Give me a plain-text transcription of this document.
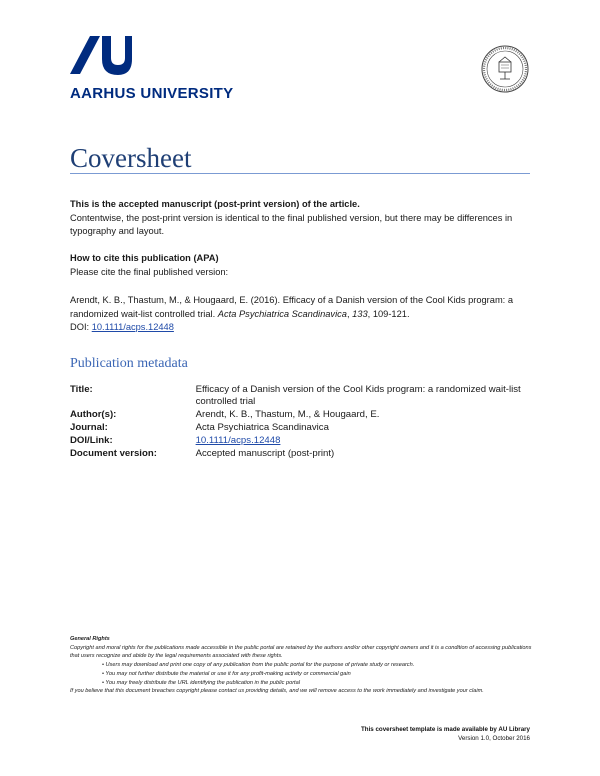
AARHUS UNIVERSITY

Coversheet
This is the accepted manuscript (post-print version) of the article.
Contentwise, the post-print version is identical to the final published version, but there may be differences in typography and layout.
How to cite this publication (APA)
Please cite the final published version:
Arendt, K. B., Thastum, M., & Hougaard, E. (2016). Efficacy of a Danish version of the Cool Kids program: a randomized wait-list controlled trial. Acta Psychiatrica Scandinavica, 133, 109-121.
DOI: 10.1111/acps.12448
Publication metadata
Title:	Efficacy of a Danish version of the Cool Kids program: a randomized wait-list controlled trial
Author(s):	Arendt, K. B., Thastum, M., & Hougaard, E.
Journal:	Acta Psychiatrica Scandinavica
DOI/Link:	10.1111/acps.12448
Document version:	Accepted manuscript (post-print)
General Rights
Copyright and moral rights for the publications made accessible in the public portal are retained by the authors and/or other copyright owners and it is a condition of accessing publications that users recognize and abide by the legal requirements associated with these rights.
• Users may download and print one copy of any publication from the public portal for the purpose of private study or research.
• You may not further distribute the material or use it for any profit-making activity or commercial gain
• You may freely distribute the URL identifying the publication in the public portal
If you believe that this document breaches copyright please contact us providing details, and we will remove access to the work immediately and investigate your claim.
This coversheet template is made available by AU Library
Version 1.0, October 2016
